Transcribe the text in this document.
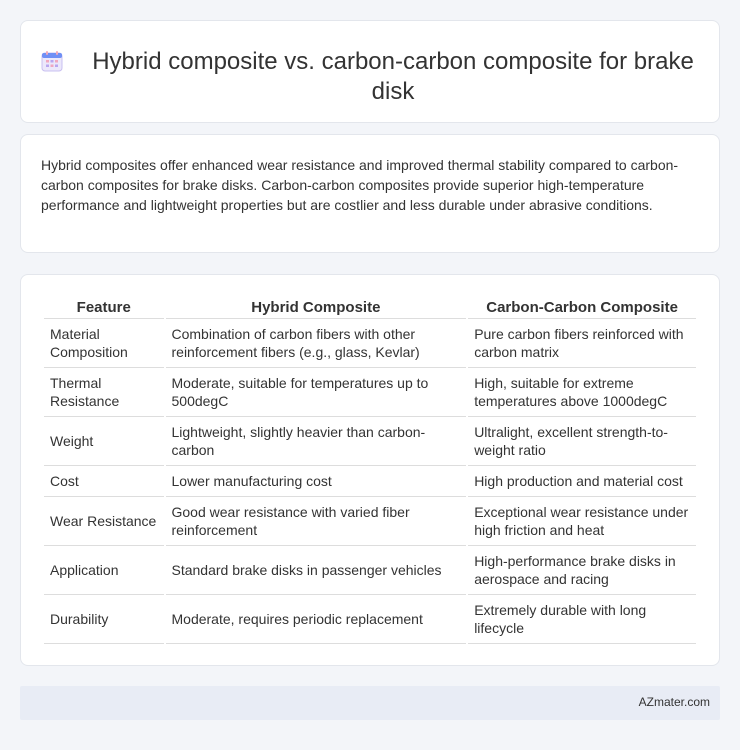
Hybrid composite vs. carbon-carbon composite for brake disk

Hybrid composites offer enhanced wear resistance and improved thermal stability compared to carbon-carbon composites for brake disks. Carbon-carbon composites provide superior high-temperature performance and lightweight properties but are costlier and less durable under abrasive conditions.

Feature	Hybrid Composite	Carbon-Carbon Composite
Material Composition	Combination of carbon fibers with other reinforcement fibers (e.g., glass, Kevlar)	Pure carbon fibers reinforced with carbon matrix
Thermal Resistance	Moderate, suitable for temperatures up to 500degC	High, suitable for extreme temperatures above 1000degC
Weight	Lightweight, slightly heavier than carbon-carbon	Ultralight, excellent strength-to-weight ratio
Cost	Lower manufacturing cost	High production and material cost
Wear Resistance	Good wear resistance with varied fiber reinforcement	Exceptional wear resistance under high friction and heat
Application	Standard brake disks in passenger vehicles	High-performance brake disks in aerospace and racing
Durability	Moderate, requires periodic replacement	Extremely durable with long lifecycle
AZmater.com
